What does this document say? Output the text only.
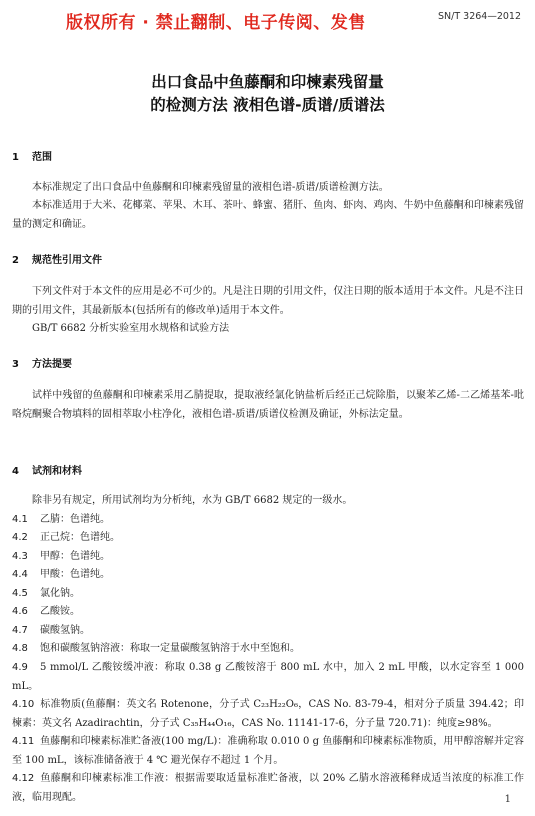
版权所有 · 禁止翻制、电子传阅、发售	SN/T 3264—2012
出口食品中鱼藤酮和印楝素残留量
的检测方法 液相色谱-质谱/质谱法
1 范围
本标准规定了出口食品中鱼藤酮和印楝素残留量的液相色谱-质谱/质谱检测方法。
本标准适用于大米、花椰菜、苹果、木耳、茶叶、蜂蜜、猪肝、鱼肉、虾肉、鸡肉、牛奶中鱼藤酮和印楝素残留量的测定和确证。
2 规范性引用文件
下列文件对于本文件的应用是必不可少的。凡是注日期的引用文件，仅注日期的版本适用于本文件。凡是不注日期的引用文件，其最新版本(包括所有的修改单)适用于本文件。
GB/T 6682 分析实验室用水规格和试验方法
3 方法提要
试样中残留的鱼藤酮和印楝素采用乙腈提取，提取液经氯化钠盐析后经正己烷除脂，以聚苯乙烯-二乙烯基苯-吡咯烷酮聚合物填料的固相萃取小柱净化，液相色谱-质谱/质谱仪检测及确证，外标法定量。
4 试剂和材料
除非另有规定，所用试剂均为分析纯，水为 GB/T 6682 规定的一级水。
4.1 乙腈：色谱纯。
4.2 正己烷：色谱纯。
4.3 甲醇：色谱纯。
4.4 甲酸：色谱纯。
4.5 氯化钠。
4.6 乙酸铵。
4.7 碳酸氢钠。
4.8 饱和碳酸氢钠溶液：称取一定量碳酸氢钠溶于水中至饱和。
4.9 5 mmol/L 乙酸铵缓冲液：称取 0.38 g 乙酸铵溶于 800 mL 水中，加入 2 mL 甲酸，以水定容至 1 000 mL。
4.10 标准物质(鱼藤酮：英文名 Rotenone，分子式 C₂₃H₂₂O₆，CAS No. 83-79-4，相对分子质量 394.42；印楝素：英文名 Azadirachtin，分子式 C₃₅H₄₄O₁₆，CAS No. 11141-17-6，分子量 720.71)：纯度≥98%。
4.11 鱼藤酮和印楝素标准贮备液(100 mg/L)：准确称取 0.010 0 g 鱼藤酮和印楝素标准物质，用甲醇溶解并定容至 100 mL，该标准储备液于 4 ℃ 避光保存不超过 1 个月。
4.12 鱼藤酮和印楝素标准工作液：根据需要取适量标准贮备液，以 20% 乙腈水溶液稀释成适当浓度的标准工作液，临用现配。	1
